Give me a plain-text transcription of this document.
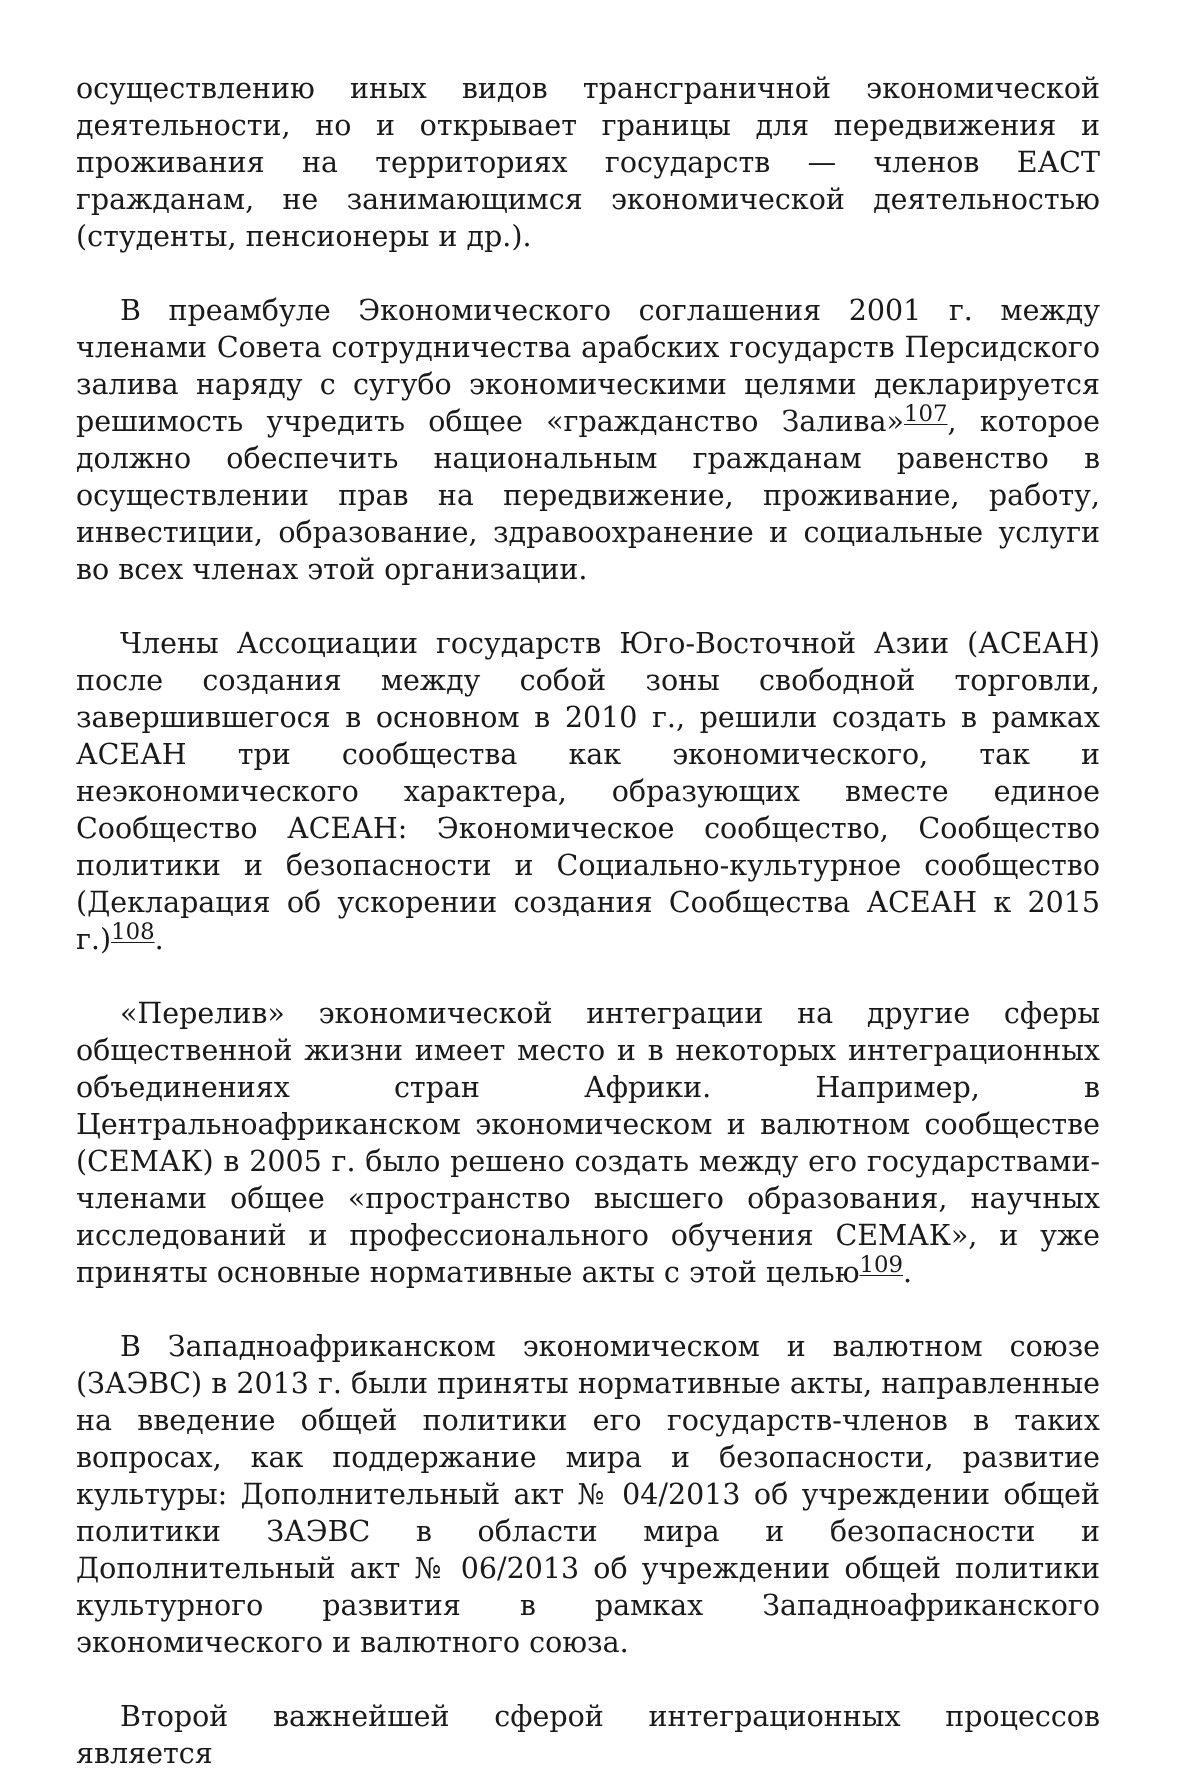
осуществлению иных видов трансграничной экономической деятельности, но и открывает границы для передвижения и проживания на территориях государств — членов ЕАСТ гражданам, не занимающимся экономической деятельностью (студенты, пенсионеры и др.).

В преамбуле Экономического соглашения 2001 г. между членами Совета сотрудничества арабских государств Персидского залива наряду с сугубо экономическими целями декларируется решимость учредить общее «гражданство Залива»$^{107}$, которое должно обеспечить национальным гражданам равенство в осуществлении прав на передвижение, проживание, работу, инвестиции, образование, здравоохранение и социальные услуги во всех членах этой организации.

Члены Ассоциации государств Юго-Восточной Азии (АСЕАН) после создания между собой зоны свободной торговли, завершившегося в основном в 2010 г., решили создать в рамках АСЕАН три сообщества как экономического, так и неэкономического характера, образующих вместе единое Сообщество АСЕАН: Экономическое сообщество, Сообщество политики и безопасности и Социально-культурное сообщество (Декларация об ускорении создания Сообщества АСЕАН к 2015 г.)$^{108}$.

«Перелив» экономической интеграции на другие сферы общественной жизни имеет место и в некоторых интеграционных объединениях стран Африки. Например, в Центральноафриканском экономическом и валютном сообществе (СЕМАК) в 2005 г. было решено создать между его государствами-членами общее «пространство высшего образования, научных исследований и профессионального обучения СЕМАК», и уже приняты основные нормативные акты с этой целью$^{109}$.

В Западноафриканском экономическом и валютном союзе (ЗАЭВС) в 2013 г. были приняты нормативные акты, направленные на введение общей политики его государств-членов в таких вопросах, как поддержание мира и безопасности, развитие культуры: Дополнительный акт № 04/2013 об учреждении общей политики ЗАЭВС в области мира и безопасности и Дополнительный акт № 06/2013 об учреждении общей политики культурного развития в рамках Западноафриканского экономического и валютного союза.

Второй важнейшей сферой интеграционных процессов является
